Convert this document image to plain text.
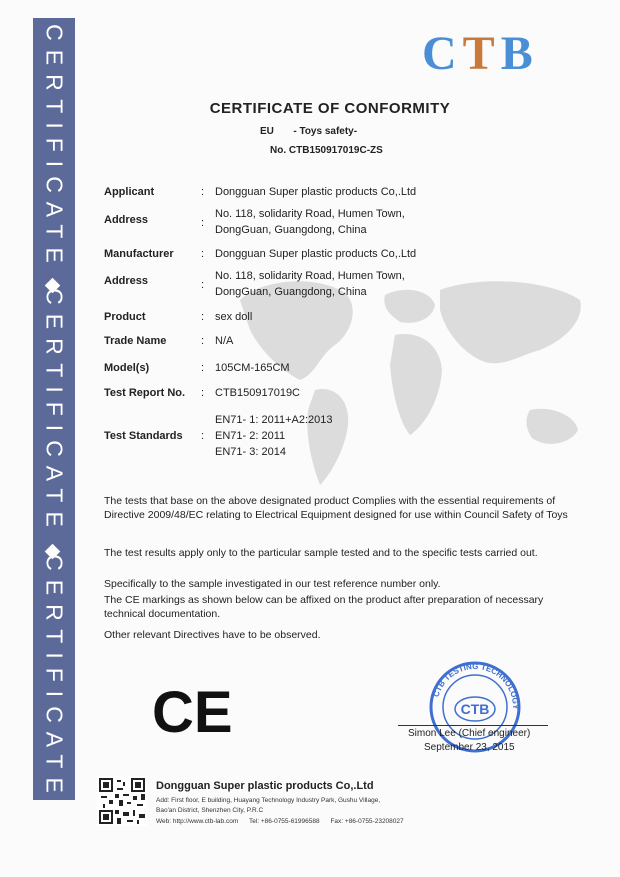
CERTIFICATE
CERTIFICATE
CERTIFICATE
CTB
CERTIFICATE OF CONFORMITY
EU       - Toys safety-
No. CTB150917019C-ZS
Applicant	: Dongguan Super plastic products Co,.Ltd
Address	:
No. 118, solidarity Road, Humen Town,
DongGuan, Guangdong, China
Manufacturer : Dongguan Super plastic products Co,.Ltd
Address	:
No. 118, solidarity Road, Humen Town,
DongGuan, Guangdong, China
Product	: sex doll
Trade Name	: N/A
Model(s)	: 105CM-165CM
Test Report No. : CTB150917019C
Test Standards :
EN71- 1: 2011+A2:2013
EN71- 2: 2011
EN71- 3: 2014

The tests that base on the above designated product Complies with the essential requirements of Directive 2009/48/EC relating to Electrical Equipment designed for use within Council Safety of Toys

The test results apply only to the particular sample tested and to the specific tests carried out.

Specifically to the sample investigated in our test reference number only.

The CE markings as shown below can be affixed on the product after preparation of necessary technical documentation.

Other relevant Directives have to be observed.

CE	CTB TESTING TECHNOLOGY
CTB
Simon Lee (Chief engineer)
September 23, 2015
Dongguan Super plastic products Co,.Ltd
Add: First floor, E building, Huayang Technology Industry Park, Gushu Village,
Bao'an District, Shenzhen City, P.R.C
Web: http://www.ctb-lab.com      Tel: +86-0755-61996588      Fax: +86-0755-23208027
